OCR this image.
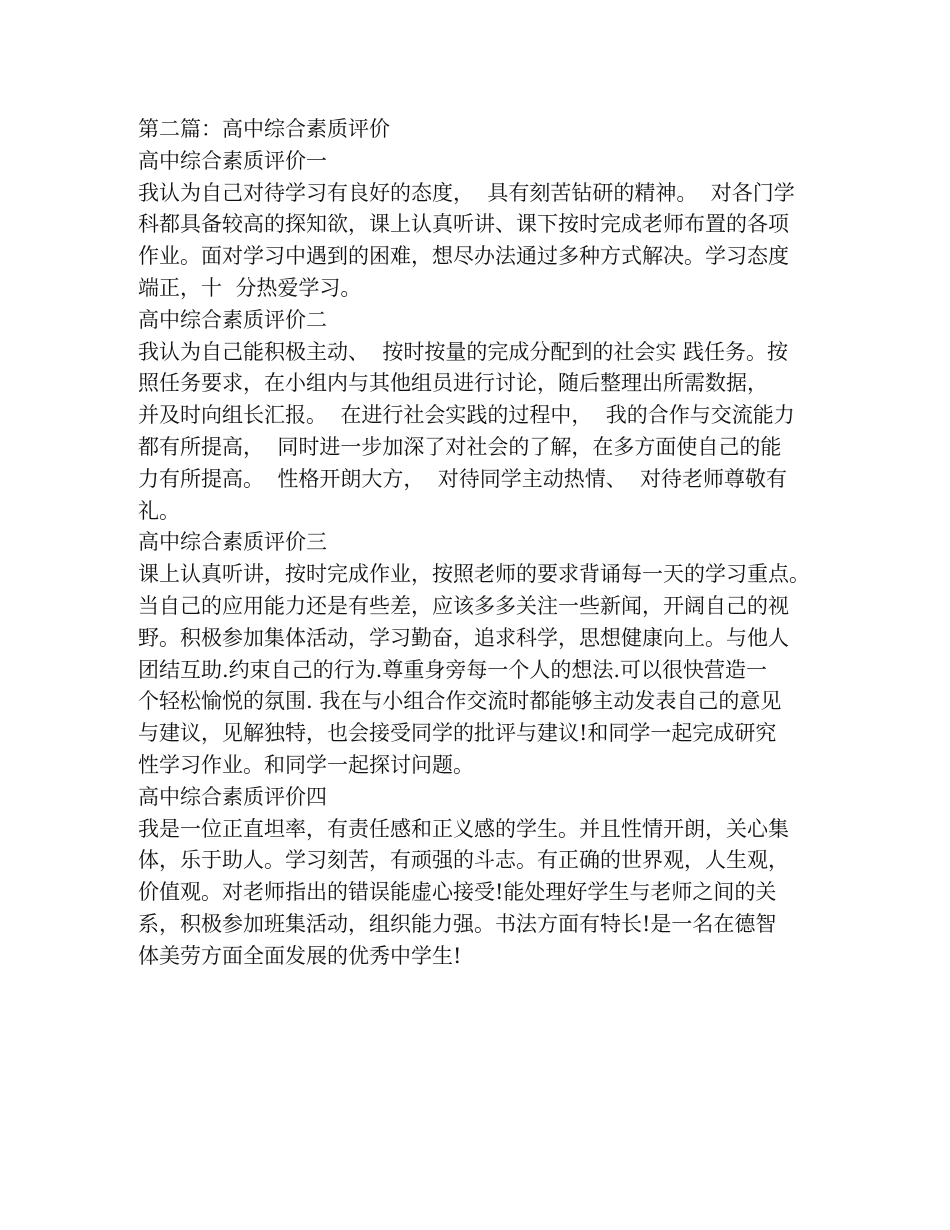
第二篇：高中综合素质评价
高中综合素质评价一
我认为自己对待学习有良好的态度，  具有刻苦钻研的精神。  对各门学
科都具备较高的探知欲，课上认真听讲、课下按时完成老师布置的各项
作业。面对学习中遇到的困难，想尽办法通过多种方式解决。学习态度
端正，十  分热爱学习。
高中综合素质评价二
我认为自己能积极主动、  按时按量的完成分配到的社会实 践任务。按
照任务要求，在小组内与其他组员进行讨论，随后整理出所需数据，
并及时向组长汇报。  在进行社会实践的过程中，  我的合作与交流能力
都有所提高，  同时进一步加深了对社会的了解，在多方面使自己的能
力有所提高。  性格开朗大方，  对待同学主动热情、  对待老师尊敬有
礼。
高中综合素质评价三
课上认真听讲，按时完成作业，按照老师的要求背诵每一天的学习重点。
当自己的应用能力还是有些差，应该多多关注一些新闻，开阔自己的视
野。积极参加集体活动，学习勤奋，追求科学，思想健康向上。与他人
团结互助.约束自己的行为.尊重身旁每一个人的想法.可以很快营造一
个轻松愉悦的氛围. 我在与小组合作交流时都能够主动发表自己的意见
与建议，见解独特，也会接受同学的批评与建议!和同学一起完成研究
性学习作业。和同学一起探讨问题。
高中综合素质评价四
我是一位正直坦率，有责任感和正义感的学生。并且性情开朗，关心集
体，乐于助人。学习刻苦，有顽强的斗志。有正确的世界观，人生观，
价值观。对老师指出的错误能虚心接受!能处理好学生与老师之间的关
系，积极参加班集活动，组织能力强。书法方面有特长!是一名在德智
体美劳方面全面发展的优秀中学生!
